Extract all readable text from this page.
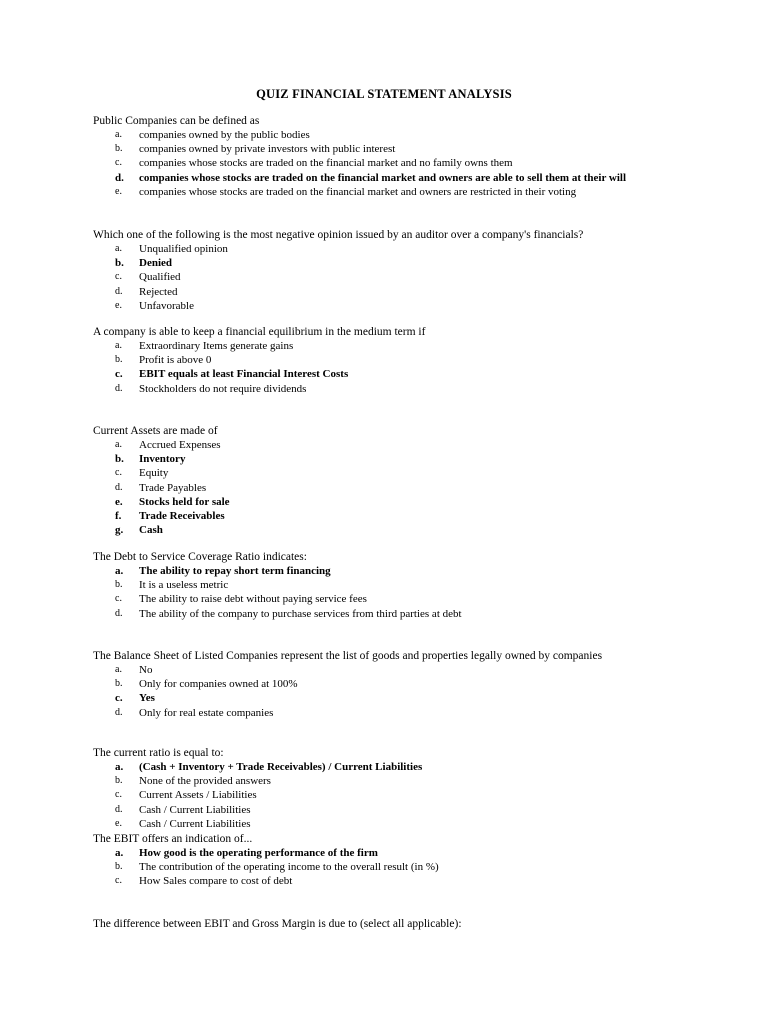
QUIZ FINANCIAL STATEMENT ANALYSIS

Public Companies can be defined as

a. companies owned by the public bodies
b. companies owned by private investors with public interest
c. companies whose stocks are traded on the financial market and no family owns them
d. companies whose stocks are traded on the financial market and owners are able to sell them at their will
e. companies whose stocks are traded on the financial market and owners are restricted in their voting

Which one of the following is the most negative opinion issued by an auditor over a company's financials?

a. Unqualified opinion
b. Denied
c. Qualified
d. Rejected
e. Unfavorable

A company is able to keep a financial equilibrium in the medium term if

a. Extraordinary Items generate gains
b. Profit is above 0
c. EBIT equals at least Financial Interest Costs
d. Stockholders do not require dividends

Current Assets are made of

a. Accrued Expenses
b. Inventory
c. Equity
d. Trade Payables
e. Stocks held for sale
f. Trade Receivables
g. Cash

The Debt to Service Coverage Ratio indicates:

a. The ability to repay short term financing
b. It is a useless metric
c. The ability to raise debt without paying service fees
d. The ability of the company to purchase services from third parties at debt

The Balance Sheet of Listed Companies represent the list of goods and properties legally owned by companies

a. No
b. Only for companies owned at 100%
c. Yes
d. Only for real estate companies

The current ratio is equal to:

a. (Cash + Inventory + Trade Receivables) / Current Liabilities
b. None of the provided answers
c. Current Assets / Liabilities
d. Cash / Current Liabilities
e. Cash / Current Liabilities

The EBIT offers an indication of...

a. How good is the operating performance of the firm
b. The contribution of the operating income to the overall result (in %)
c. How Sales compare to cost of debt

The difference between EBIT and Gross Margin is due to (select all applicable):
